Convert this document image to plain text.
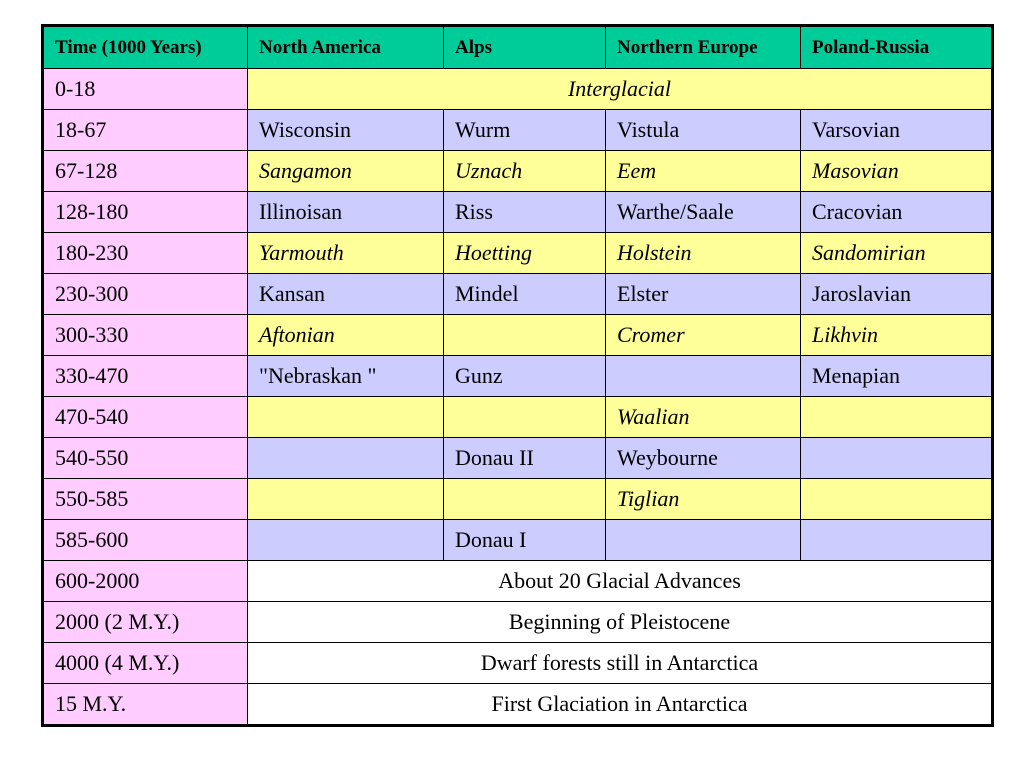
Time (1000 Years)	North America	Alps	Northern Europe	Poland-Russia
0-18	Interglacial			
18-67	Wisconsin	Wurm	Vistula	Varsovian
67-128	Sangamon	Uznach	Eem	Masovian
128-180	Illinoisan	Riss	Warthe/Saale	Cracovian
180-230	Yarmouth	Hoetting	Holstein	Sandomirian
230-300	Kansan	Mindel	Elster	Jaroslavian
300-330	Aftonian		Cromer	Likhvin
330-470	"Nebraskan "	Gunz		Menapian
470-540			Waalian	
540-550		Donau II	Weybourne	
550-585			Tiglian	
585-600		Donau I		
600-2000	About 20 Glacial Advances			
2000 (2 M.Y.)	Beginning of Pleistocene			
4000 (4 M.Y.)	Dwarf forests still in Antarctica			
15 M.Y.	First Glaciation in Antarctica			
